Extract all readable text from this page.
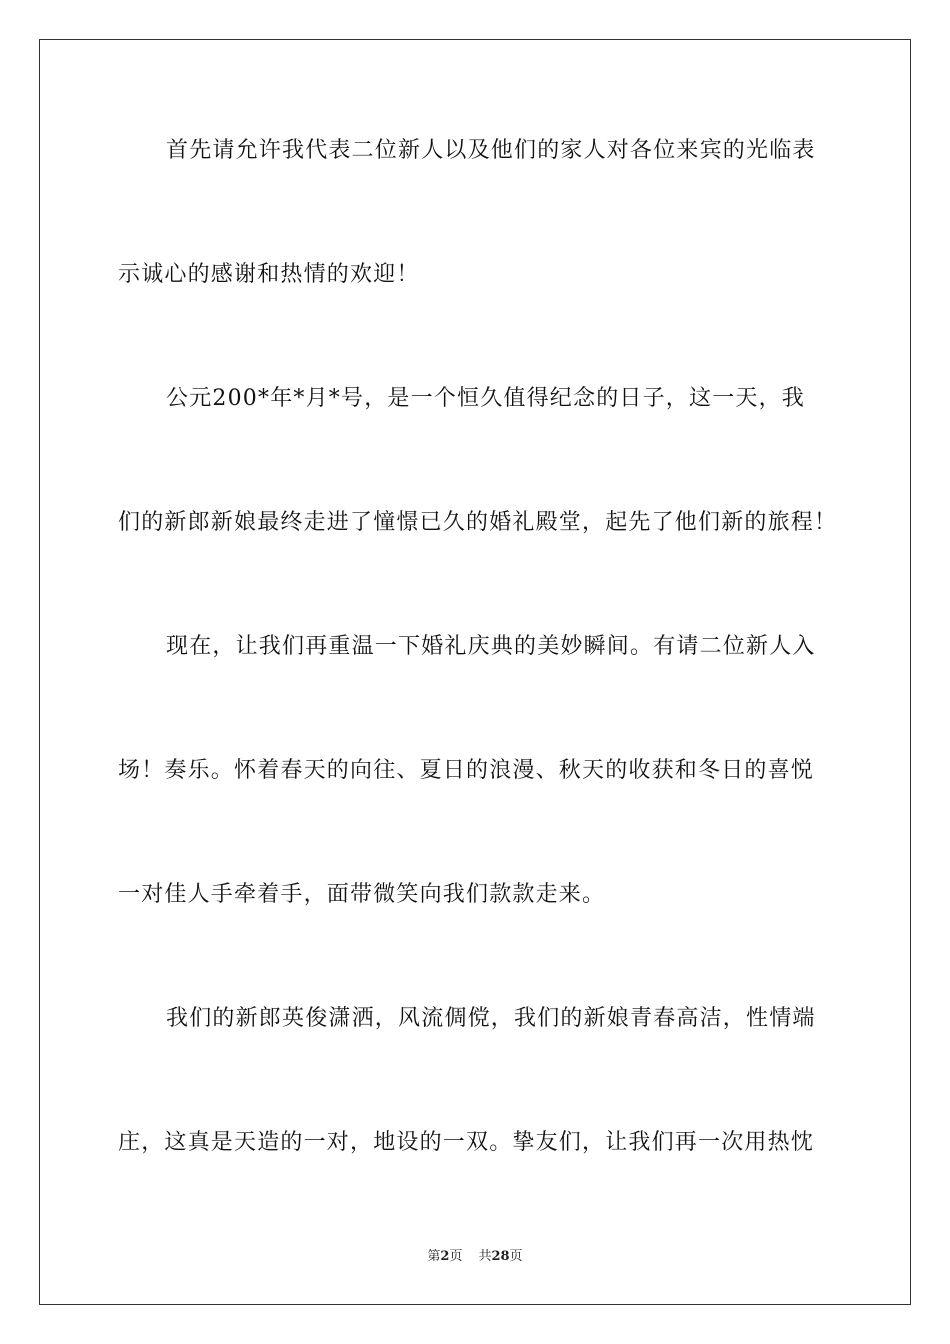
首先请允许我代表二位新人以及他们的家人对各位来宾的光临表
示诚心的感谢和热情的欢迎！
公元200*年*月*号，是一个恒久值得纪念的日子，这一天，我
们的新郎新娘最终走进了憧憬已久的婚礼殿堂，起先了他们新的旅程！
现在，让我们再重温一下婚礼庆典的美妙瞬间。有请二位新人入
场！奏乐。怀着春天的向往、夏日的浪漫、秋天的收获和冬日的喜悦
一对佳人手牵着手，面带微笑向我们款款走来。
我们的新郎英俊潇洒，风流倜傥，我们的新娘青春高洁，性情端
庄，这真是天造的一对，地设的一双。挚友们，让我们再一次用热忱
第2页 共28页
